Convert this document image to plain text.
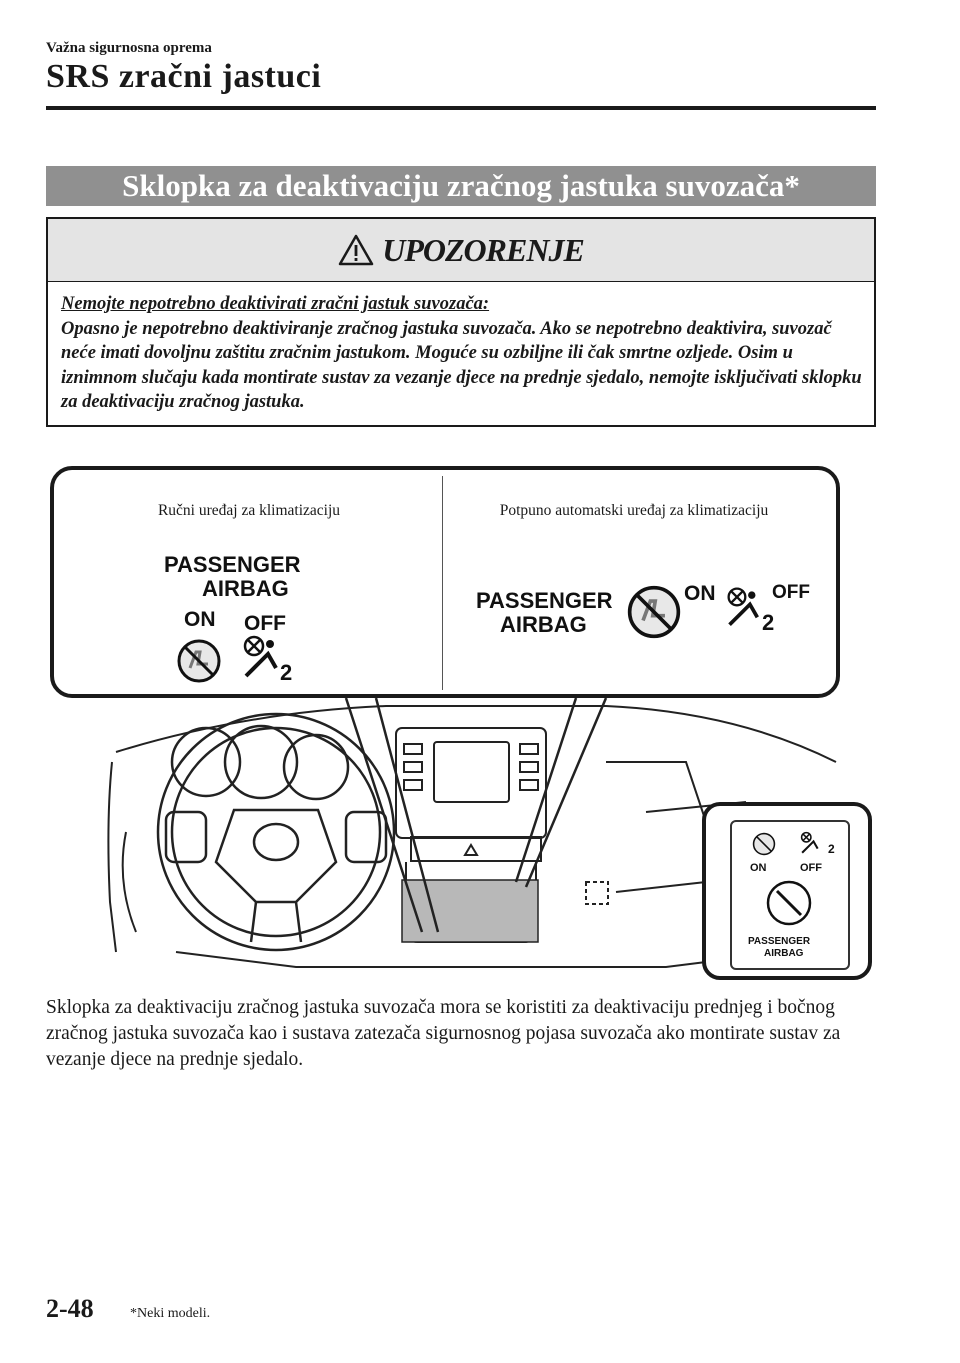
Važna sigurnosna oprema
SRS zračni jastuci
Sklopka za deaktivaciju zračnog jastuka suvozača*
UPOZORENJE
Nemojte nepotrebno deaktivirati zračni jastuk suvozača:
Opasno je nepotrebno deaktiviranje zračnog jastuka suvozača. Ako se nepotrebno deaktivira, suvozač neće imati dovoljnu zaštitu zračnim jastukom. Moguće su ozbiljne ili čak smrtne ozljede. Osim u iznimnom slučaju kada montirate sustav za vezanje djece na prednje sjedalo, nemojte isključivati sklopku za deaktivaciju zračnog jastuka.
Ručni uređaj za klimatizaciju	Potpuno automatski uređaj za klimatizaciju
PASSENGER
AIRBAG
ON OFF
2
PASSENGER
AIRBAG
ON	OFF
2
2
ON	OFF
PASSENGER
AIRBAG
Sklopka za deaktivaciju zračnog jastuka suvozača mora se koristiti za deaktivaciju prednjeg i bočnog zračnog jastuka suvozača kao i sustava zatezača sigurnosnog pojasa suvozača ako montirate sustav za vezanje djece na prednje sjedalo.
2-48	*Neki modeli.
